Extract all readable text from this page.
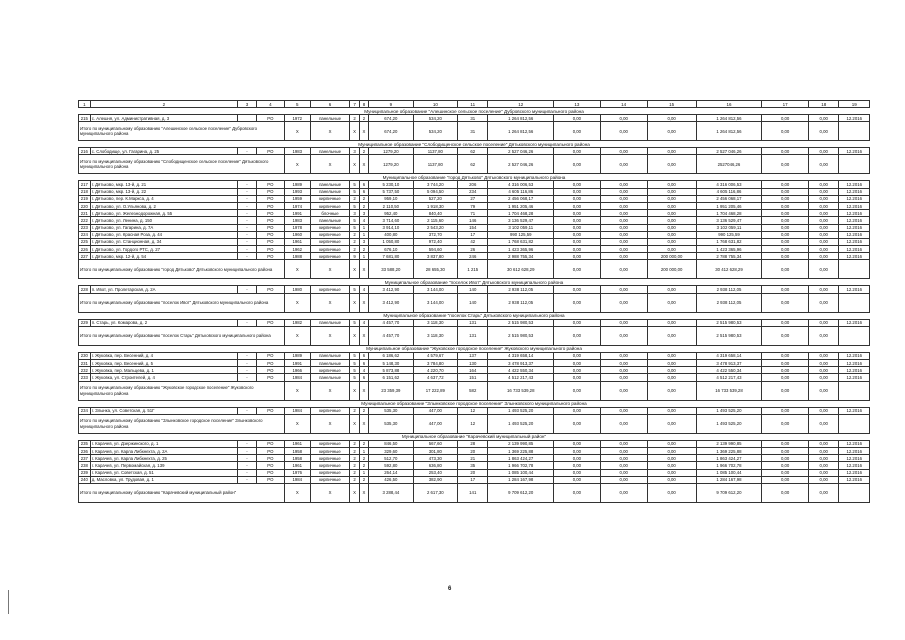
1	2	3	4	5	6	7	8	9	10	11	12	13	14	15	16	17	18	19
Муниципальное образование "Алешинское сельское поселение" Дубровского муниципального района																		
215	с. Алешня, ул. Административная, д. 3		РО	1972	панельные	2	2	674,20	534,20	31	1 264 812,56	0,00	0,00	0,00	1 264 812,56	0,00	0,00	12.2016
Итого по муниципальному образованию "Алешинское сельское поселение" Дубровского муниципального района				X	X	X	X	674,20	534,20	31	1 264 812,56	0,00	0,00	0,00	1 264 812,56	0,00	0,00	
Муниципальное образование "Слободищенское сельское поселение" Дятьковского муниципального района																		
216	с. Слободище, ул. Гагарина, д. 25	-	РО	1983	панельные	3	2	1279,20	1137,80	62	2 527 046,26	0,00	0,00	0,00	2 527 046,26	0,00	0,00	12.2016
Итого по муниципальному образованию "Слободищенское сельское поселение" Дятьковского муниципального района				X	X	X	X	1279,20	1137,80	62	2 527 046,26	0,00	0,00	0,00	2527046,26	0,00	0,00	
Муниципальное образование "город Дятьково" Дятьковского муниципального района																		
217	г. Дятьково, мкр. 13-й, д. 21	-	РО	1989	панельные	5	6	5 230,10	3 744,20	206	4 316 006,53	0,00	0,00	0,00	4 316 006,53	0,00	0,00	12.2016
218	г. Дятьково, мкр. 13-й, д. 22	-	РО	1993	панельные	5	6	5 737,50	5 094,50	234	4 605 116,86	0,00	0,00	0,00	4 605 116,86	0,00	0,00	12.2016
219	г. Дятьково, пер. К.Маркса, д. 4	-	РО	1959	кирпичные	2	2	959,10	527,20	27	2 456 068,17	0,00	0,00	0,00	2 456 068,17	0,00	0,00	12.2016
220	г. Дятьково, ул. О.Ульянова, д. 2	-	РО	1974	кирпичные	5	2	2 110,50	1 918,30	79	1 951 205,46	0,00	0,00	0,00	1 951 205,46	0,00	0,00	12.2016
221	г. Дятьково, ул. Железнодорожная, д. 55	-	РО	1991	блочные	3	3	952,40	840,40	71	1 704 468,28	0,00	0,00	0,00	1 704 468,28	0,00	0,00	12.2016
222	г. Дятьково, ул. Ленина, д. 150	-	РО	1983	панельные	5	4	3 714,60	2 115,60	146	3 136 529,47	0,00	0,00	0,00	3 136 529,47	0,00	0,00	12.2016
223	г. Дятьково, ул. Гагарина, д. 7А	-	РО	1978	кирпичные	5	1	3 914,10	2 543,20	154	3 102 059,11	0,00	0,00	0,00	3 102 059,11	0,00	0,00	12.2016
224	г. Дятьково, ул. Красная Роза, д. 44	-	РО	1960	кирпичные	2	1	400,80	372,70	17	990 125,59	0,00	0,00	0,00	990 125,59	0,00	0,00	12.2016
225	г. Дятьково, ул. Станционная, д. 34	-	РО	1961	кирпичные	2	3	1 050,80	972,40	42	1 768 631,82	0,00	0,00	0,00	1 768 631,82	0,00	0,00	12.2016
226	г. Дятьково, ул. Гордого РТС, д. 27	-	РО	1962	кирпичные	2	2	676,10	594,60	26	1 423 365,96	0,00	0,00	0,00	1 423 365,96	0,00	0,00	12.2016
227	г. Дятьково, мкр. 12-й, д. 54	-	РО	1988	кирпичные	9	1	7 681,80	3 837,80	246	2 988 755,34	0,00	0,00	200 000,00	2 788 755,34	0,00	0,00	12.2016
Итого по муниципальному образованию "город Дятьково" Дятьковского муниципального района				X	X	X	X	33 588,20	28 655,30	1 215	30 612 628,29	0,00	0,00	200 000,00	30 412 628,29	0,00	0,00	
Муниципальное образование "поселок Ивот" Дятьковского муниципального района																		
228	п. Ивот, ул. Пролетарская, д. 2А	-	РО	1980	кирпичные	5	4	3 412,90	3 144,00	140	2 938 112,05	0,00	0,00	0,00	2 938 112,05	0,00	0,00	12.2016
Итого по муниципальному образованию "поселок Ивот" Дятьковского муниципального района				X	X	X	X	3 412,90	3 144,00	140	2 938 112,05	0,00	0,00	0,00	2 938 112,05	0,00	0,00	
Муниципальное образование "поселок Старь" Дятьковского муниципального района																		
229	п. Старь, ул. Комарова, д. 2	-	РО	1982	панельные	5	4	4 457,70	3 118,30	131	2 515 980,53	0,00	0,00	0,00	2 515 980,53	0,00	0,00	12.2016
Итого по муниципальному образованию "поселок Старь" Дятьковского муниципального района				X	X	X	X	4 457,70	3 118,30	131	2 515 980,53	0,00	0,00	0,00	2 515 980,53	0,00	0,00	
Муниципальное образование "Жуковское городское поселение" Жуковского муниципального района																		
230	г. Жуковка, пер. Весенний, д. 4	-	РО	1989	панельные	5	6	6 186,62	4 579,67	137	4 319 658,14	0,00	0,00	0,00	4 319 658,14	0,00	0,00	12.2016
231	г. Жуковка, пер. Весенний, д. 5	-	РО	1991	панельные	5	6	5 148,30	3 784,80	130	3 478 913,37	0,00	0,00	0,00	3 478 913,37	0,00	0,00	12.2016
232	г. Жуковка, пер. Мальцева, д. 1	-	РО	1966	кирпичные	5	4	5 873,88	4 220,70	164	4 422 550,34	0,00	0,00	0,00	4 422 550,34	0,00	0,00	12.2016
233	г. Жуковка, ул. Строителей, д. 4	-	РО	1984	панельные	5	6	6 151,62	4 637,72	151	4 512 217,43	0,00	0,00	0,00	4 512 217,43	0,00	0,00	12.2016
Итого по муниципальному образованию "Жуковское городское поселение" Жуковского муниципального района				X	X	X	X	23 359,39	17 222,89	582	16 733 539,28	0,00	0,00	0,00	16 733 539,28	0,00	0,00	
Муниципальное образование "Злынковское городское поселение" Злынковского муниципального района																		
234	г. Злынка, ул. Советская, д. 51Г	-	РО	1984	кирпичные	2	2	535,30	447,00	12	1 493 525,20	0,00	0,00	0,00	1 493 525,20	0,00	0,00	12.2016
Итого по муниципальному образованию "Злынковское городское поселение" Злынковского муниципального района				X	X	X	X	535,30	447,00	12	1 493 525,20	0,00	0,00	0,00	1 493 525,20	0,00	0,00	
Муниципальное образование "Карачевский муниципальный район"																		
235	г. Карачев, ул. Дзержинского, д. 1	-	РО	1961	кирпичные	2	2	846,50	567,60	28	2 139 990,85	0,00	0,00	0,00	2 139 990,85	0,00	0,00	12.2016
236	г. Карачев, ул. Карла Либкнехта, д. 2А	-	РО	1958	кирпичные	2	1	329,60	301,80	20	1 369 225,88	0,00	0,00	0,00	1 369 225,88	0,00	0,00	12.2016
237	г. Карачев, ул. Карла Либкнехта, д. 25	-	РО	1958	кирпичные	2	2	512,70	473,30	21	1 863 424,27	0,00	0,00	0,00	1 863 424,27	0,00	0,00	12.2016
238	г. Карачев, ул. Первомайская, д. 139	-	РО	1961	кирпичные	2	2	592,80	636,80	35	1 966 702,78	0,00	0,00	0,00	1 966 702,78	0,00	0,00	12.2016
239	г. Карачев, ул. Советская, д. 51	-	РО	1976	кирпичные	2	1	264,14	253,40	20	1 085 100,44	0,00	0,00	0,00	1 085 100,44	0,00	0,00	12.2016
240	д. Масловка, ул. Трудовая, д. 1	-	РО	1984	кирпичные	2	2	426,50	382,90	17	1 284 167,98	0,00	0,00	0,00	1 284 167,98	0,00	0,00	12.2016
Итого по муниципальному образованию "Карачевский муниципальный район"				X	X	X	X	3 288,44	2 617,30	141	9 709 612,20	0,00	0,00	0,00	9 709 612,20	0,00	0,00	
6
